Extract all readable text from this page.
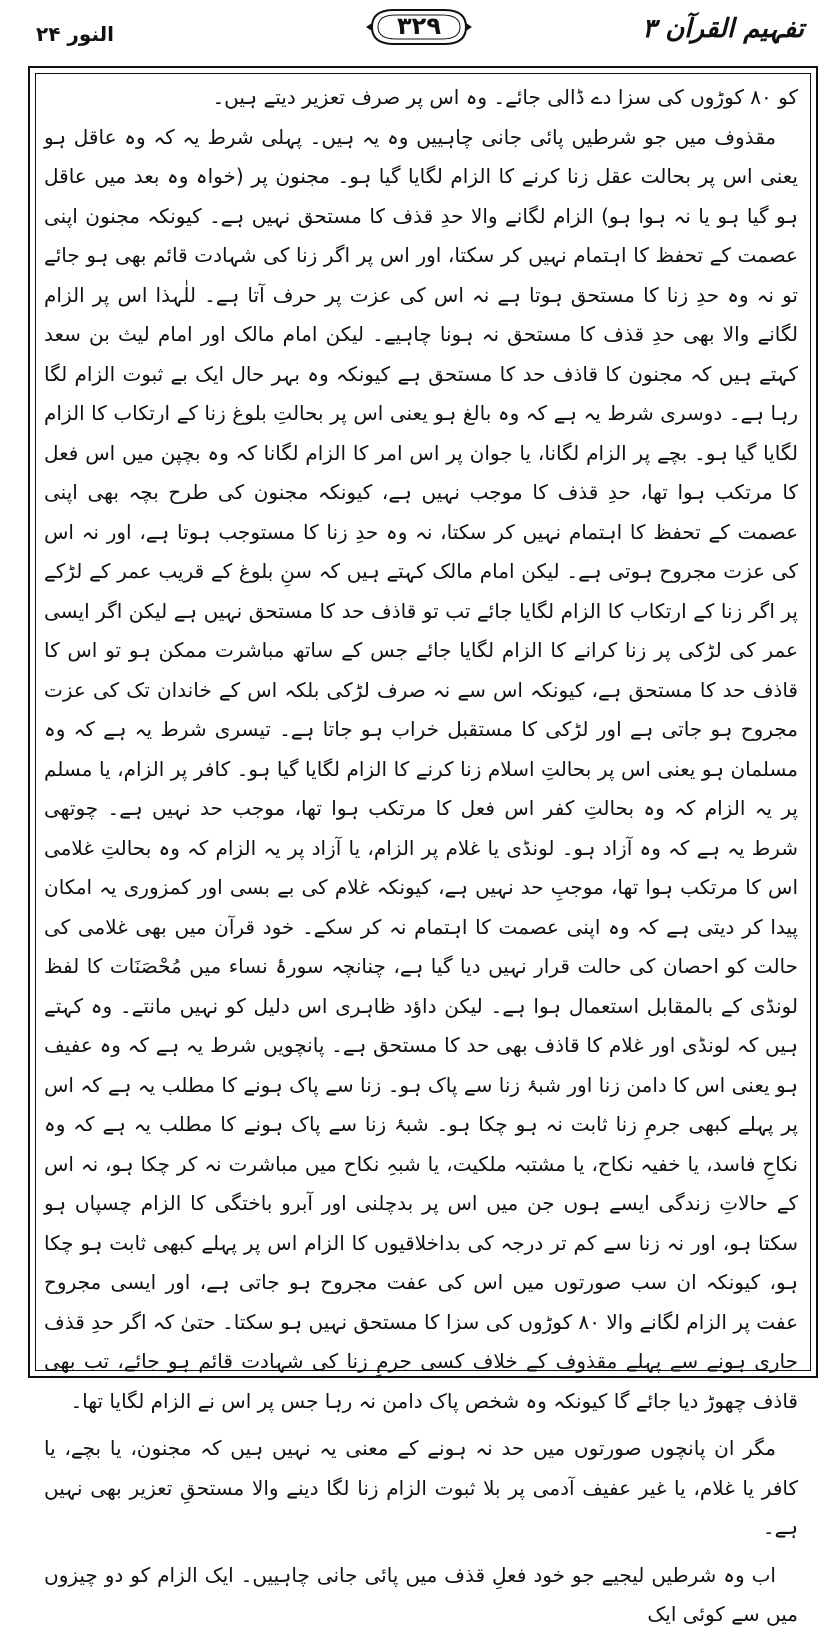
النور ۲۴	۳۲۹	تفہیم القرآن ۳

کو ۸۰ کوڑوں کی سزا دے ڈالی جائے۔ وہ اس پر صرف تعزیر دیتے ہیں۔

مقذوف میں جو شرطیں پائی جانی چاہییں وہ یہ ہیں۔ پہلی شرط یہ کہ وہ عاقل ہو یعنی اس پر بحالت عقل زنا کرنے کا الزام لگایا گیا ہو۔ مجنون پر (خواہ وہ بعد میں عاقل ہو گیا ہو یا نہ ہوا ہو) الزام لگانے والا حدِ قذف کا مستحق نہیں ہے۔ کیونکہ مجنون اپنی عصمت کے تحفظ کا اہتمام نہیں کر سکتا، اور اس پر اگر زنا کی شہادت قائم بھی ہو جائے تو نہ وہ حدِ زنا کا مستحق ہوتا ہے نہ اس کی عزت پر حرف آتا ہے۔ للٰہذا اس پر الزام لگانے والا بھی حدِ قذف کا مستحق نہ ہونا چاہیے۔ لیکن امام مالک اور امام لیث بن سعد کہتے ہیں کہ مجنون کا قاذف حد کا مستحق ہے کیونکہ وہ بہر حال ایک بے ثبوت الزام لگا رہا ہے۔ دوسری شرط یہ ہے کہ وہ بالغ ہو یعنی اس پر بحالتِ بلوغ زنا کے ارتکاب کا الزام لگایا گیا ہو۔ بچے پر الزام لگانا، یا جوان پر اس امر کا الزام لگانا کہ وہ بچپن میں اس فعل کا مرتکب ہوا تھا، حدِ قذف کا موجب نہیں ہے، کیونکہ مجنون کی طرح بچہ بھی اپنی عصمت کے تحفظ کا اہتمام نہیں کر سکتا، نہ وہ حدِ زنا کا مستوجب ہوتا ہے، اور نہ اس کی عزت مجروح ہوتی ہے۔ لیکن امام مالک کہتے ہیں کہ سنِ بلوغ کے قریب عمر کے لڑکے پر اگر زنا کے ارتکاب کا الزام لگایا جائے تب تو قاذف حد کا مستحق نہیں ہے لیکن اگر ایسی عمر کی لڑکی پر زنا کرانے کا الزام لگایا جائے جس کے ساتھ مباشرت ممکن ہو تو اس کا قاذف حد کا مستحق ہے، کیونکہ اس سے نہ صرف لڑکی بلکہ اس کے خاندان تک کی عزت مجروح ہو جاتی ہے اور لڑکی کا مستقبل خراب ہو جاتا ہے۔ تیسری شرط یہ ہے کہ وہ مسلمان ہو یعنی اس پر بحالتِ اسلام زنا کرنے کا الزام لگایا گیا ہو۔ کافر پر الزام، یا مسلم پر یہ الزام کہ وہ بحالتِ کفر اس فعل کا مرتکب ہوا تھا، موجب حد نہیں ہے۔ چوتھی شرط یہ ہے کہ وہ آزاد ہو۔ لونڈی یا غلام پر الزام، یا آزاد پر یہ الزام کہ وہ بحالتِ غلامی اس کا مرتکب ہوا تھا، موجبِ حد نہیں ہے، کیونکہ غلام کی بے بسی اور کمزوری یہ امکان پیدا کر دیتی ہے کہ وہ اپنی عصمت کا اہتمام نہ کر سکے۔ خود قرآن میں بھی غلامی کی حالت کو احصان کی حالت قرار نہیں دیا گیا ہے، چنانچہ سورۂ نساء میں مُحْصَنَات کا لفظ لونڈی کے بالمقابل استعمال ہوا ہے۔ لیکن داؤد ظاہری اس دلیل کو نہیں مانتے۔ وہ کہتے ہیں کہ لونڈی اور غلام کا قاذف بھی حد کا مستحق ہے۔ پانچویں شرط یہ ہے کہ وہ عفیف ہو یعنی اس کا دامن زنا اور شبۂ زنا سے پاک ہو۔ زنا سے پاک ہونے کا مطلب یہ ہے کہ اس پر پہلے کبھی جرمِ زنا ثابت نہ ہو چکا ہو۔ شبۂ زنا سے پاک ہونے کا مطلب یہ ہے کہ وہ نکاحِ فاسد، یا خفیہ نکاح، یا مشتبہ ملکیت، یا شبہِ نکاح میں مباشرت نہ کر چکا ہو، نہ اس کے حالاتِ زندگی ایسے ہوں جن میں اس پر بدچلنی اور آبرو باختگی کا الزام چسپاں ہو سکتا ہو، اور نہ زنا سے کم تر درجہ کی بداخلاقیوں کا الزام اس پر پہلے کبھی ثابت ہو چکا ہو، کیونکہ ان سب صورتوں میں اس کی عفت مجروح ہو جاتی ہے، اور ایسی مجروح عفت پر الزام لگانے والا ۸۰ کوڑوں کی سزا کا مستحق نہیں ہو سکتا۔ حتیٰ کہ اگر حدِ قذف جاری ہونے سے پہلے مقذوف کے خلاف کسی جرمِ زنا کی شہادت قائم ہو جائے، تب بھی قاذف چھوڑ دیا جائے گا کیونکہ وہ شخص پاک دامن نہ رہا جس پر اس نے الزام لگایا تھا۔

مگر ان پانچوں صورتوں میں حد نہ ہونے کے معنی یہ نہیں ہیں کہ مجنون، یا بچے، یا کافر یا غلام، یا غیر عفیف آدمی پر بلا ثبوت الزام زنا لگا دینے والا مستحقِ تعزیر بھی نہیں ہے۔

اب وہ شرطیں لیجیے جو خود فعلِ قذف میں پائی جانی چاہییں۔ ایک الزام کو دو چیزوں میں سے کوئی ایک
